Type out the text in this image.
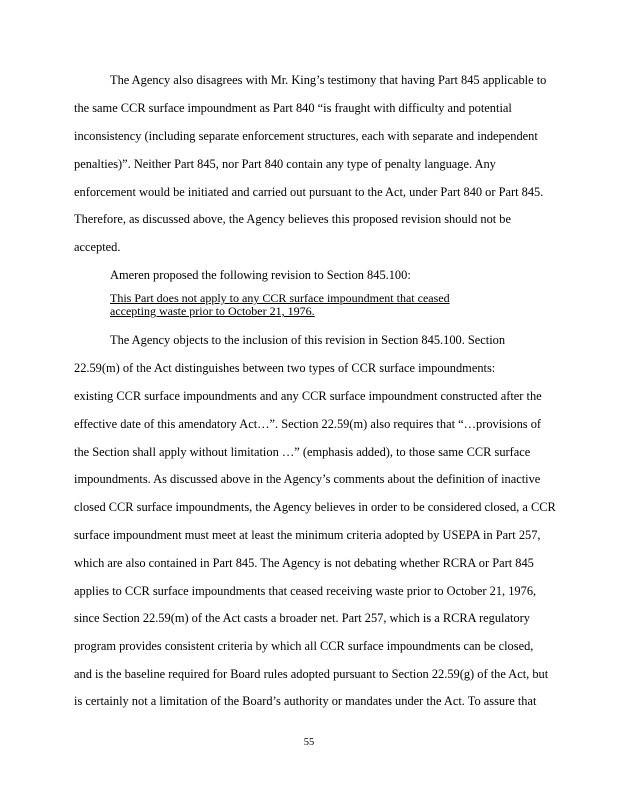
The Agency also disagrees with Mr. King’s testimony that having Part 845 applicable to
the same CCR surface impoundment as Part 840 “is fraught with difficulty and potential
inconsistency (including separate enforcement structures, each with separate and independent
penalties)”. Neither Part 845, nor Part 840 contain any type of penalty language. Any
enforcement would be initiated and carried out pursuant to the Act, under Part 840 or Part 845.
Therefore, as discussed above, the Agency believes this proposed revision should not be
accepted.
Ameren proposed the following revision to Section 845.100:
This Part does not apply to any CCR surface impoundment that ceased
accepting waste prior to October 21, 1976.
The Agency objects to the inclusion of this revision in Section 845.100. Section
22.59(m) of the Act distinguishes between two types of CCR surface impoundments:
existing CCR surface impoundments and any CCR surface impoundment constructed after the
effective date of this amendatory Act…”. Section 22.59(m) also requires that “…provisions of
the Section shall apply without limitation …” (emphasis added), to those same CCR surface
impoundments. As discussed above in the Agency’s comments about the definition of inactive
closed CCR surface impoundments, the Agency believes in order to be considered closed, a CCR
surface impoundment must meet at least the minimum criteria adopted by USEPA in Part 257,
which are also contained in Part 845. The Agency is not debating whether RCRA or Part 845
applies to CCR surface impoundments that ceased receiving waste prior to October 21, 1976,
since Section 22.59(m) of the Act casts a broader net. Part 257, which is a RCRA regulatory
program provides consistent criteria by which all CCR surface impoundments can be closed,
and is the baseline required for Board rules adopted pursuant to Section 22.59(g) of the Act, but
is certainly not a limitation of the Board’s authority or mandates under the Act. To assure that
55
